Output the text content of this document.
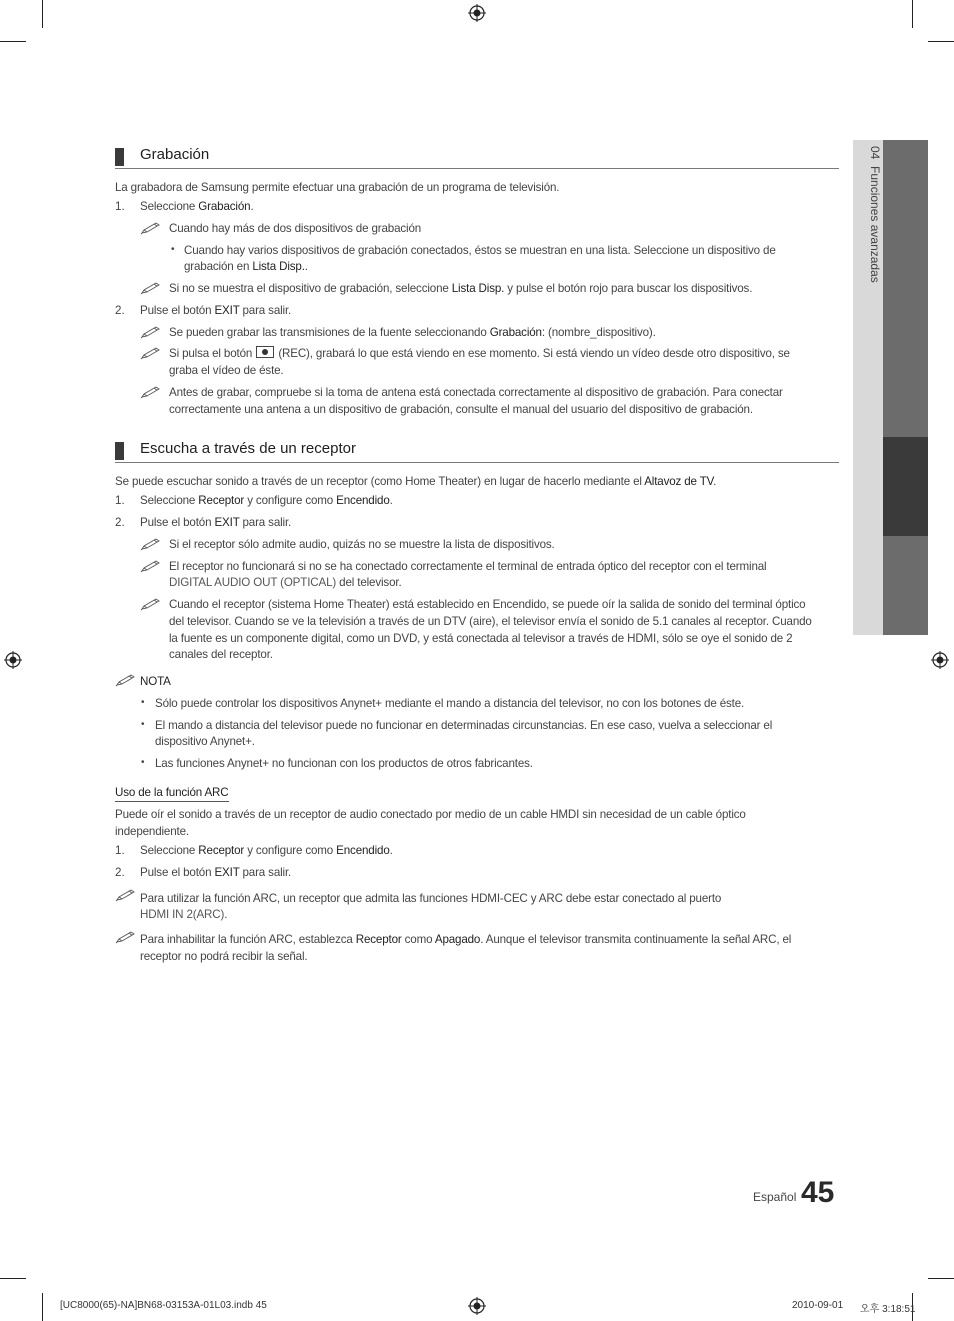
04  Funciones avanzadas
Grabación
La grabadora de Samsung permite efectuar una grabación de un programa de televisión.
1. Seleccione Grabación.
Cuando hay más de dos dispositivos de grabación
• Cuando hay varios dispositivos de grabación conectados, éstos se muestran en una lista. Seleccione un dispositivo de
grabación en Lista Disp..
Si no se muestra el dispositivo de grabación, seleccione Lista Disp. y pulse el botón rojo para buscar los dispositivos.
2. Pulse el botón EXIT para salir.
Se pueden grabar las transmisiones de la fuente seleccionando Grabación: (nombre_dispositivo).
Si pulsa el botón
(REC), grabará lo que está viendo en ese momento. Si está viendo un vídeo desde otro dispositivo, se
graba el vídeo de éste.
Antes de grabar, compruebe si la toma de antena está conectada correctamente al dispositivo de grabación. Para conectar
correctamente una antena a un dispositivo de grabación, consulte el manual del usuario del dispositivo de grabación.
Escucha a través de un receptor
Se puede escuchar sonido a través de un receptor (como Home Theater) en lugar de hacerlo mediante el Altavoz de TV.
1. Seleccione Receptor y configure como Encendido.
2. Pulse el botón EXIT para salir.
Si el receptor sólo admite audio, quizás no se muestre la lista de dispositivos.
El receptor no funcionará si no se ha conectado correctamente el terminal de entrada óptico del receptor con el terminal
DIGITAL AUDIO OUT (OPTICAL) del televisor.
Cuando el receptor (sistema Home Theater) está establecido en Encendido, se puede oír la salida de sonido del terminal óptico
del televisor. Cuando se ve la televisión a través de un DTV (aire), el televisor envía el sonido de 5.1 canales al receptor. Cuando
la fuente es un componente digital, como un DVD, y está conectada al televisor a través de HDMI, sólo se oye el sonido de 2
canales del receptor.
NOTA
• Sólo puede controlar los dispositivos Anynet+ mediante el mando a distancia del televisor, no con los botones de éste.
• El mando a distancia del televisor puede no funcionar en determinadas circunstancias. En ese caso, vuelva a seleccionar el
dispositivo Anynet+.
• Las funciones Anynet+ no funcionan con los productos de otros fabricantes.
Uso de la función ARC
Puede oír el sonido a través de un receptor de audio conectado por medio de un cable HMDI sin necesidad de un cable óptico
independiente.
1. Seleccione Receptor y configure como Encendido.
2. Pulse el botón EXIT para salir.
Para utilizar la función ARC, un receptor que admita las funciones HDMI-CEC y ARC debe estar conectado al puerto
HDMI IN 2(ARC).
Para inhabilitar la función ARC, establezca Receptor como Apagado. Aunque el televisor transmita continuamente la señal ARC, el
receptor no podrá recibir la señal.
Español 45
[UC8000(65)-NA]BN68-03153A-01L03.indb 45	2010-09-01 오후 3:18:51
